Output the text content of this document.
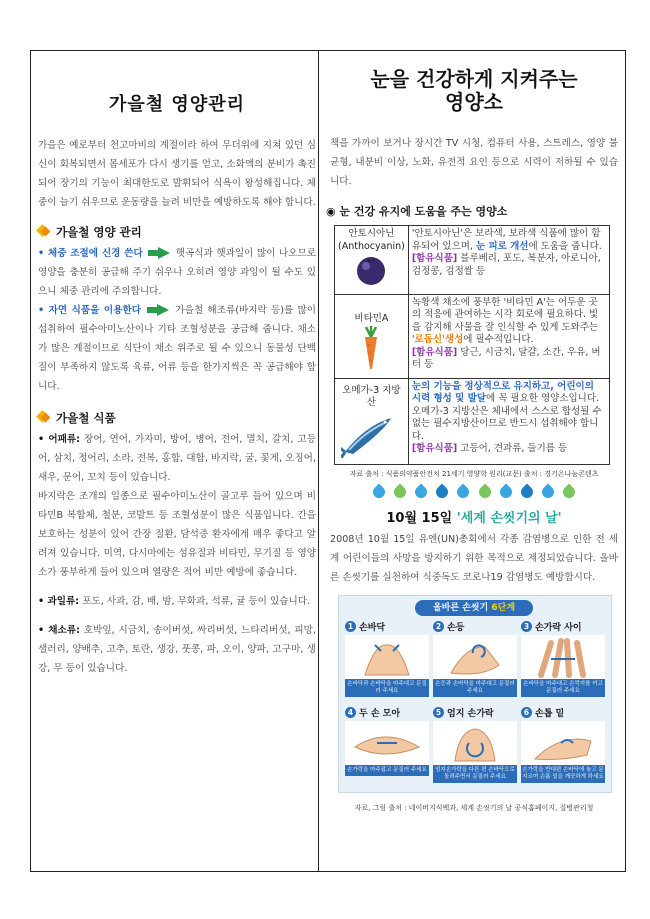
가을철 영양관리
가을은 예로부터 천고마비의 계절이라 하여 무더위에 지쳐 있던 심신이 회복되면서 몸세포가 다시 생기를 얻고, 소화액의 분비가 촉진되어 장기의 기능이 최대한도로 발휘되어 식욕이 왕성해집니다. 체중이 늘기 쉬우므로 운동량을 늘려 비만을 예방하도록 해야 합니다.
가을철 영양 관리
• 체중 조절에 신경 쓴다	햇곡식과 햇과일이 많이 나오므로 영양을 충분히 공급해 주기 쉬우나 오히려 영양 과잉이 될 수도 있으니 체중 관리에 주의합니다.
• 자연 식품을 이용한다	가을철 해조류(바지락 등)를 많이 섭취하여 필수아미노산이나 기타 조혈성분을 공급해 줍니다. 채소가 많은 계절이므로 식단이 채소 위주로 될 수 있으니 동물성 단백질이 부족하지 않도록 육류, 어류 등을 한가지씩은 꼭 공급해야 합니다.
가을철 식품
• 어패류: 장어, 연어, 가자미, 방어, 병어, 전어, 멸치, 갈치, 고등어, 삼치, 정어리, 소라, 전복, 홍합, 대합, 바지락, 굴, 꽃게, 오징어, 새우, 문어, 꼬치 등이 있습니다.
바지락은 조개의 일종으로 필수아미노산이 골고루 들어 있으며 비타민B 복합체, 철분, 코발트 등 조혈성분이 많은 식품입니다. 간을 보호하는 성분이 있어 간장 질환, 담석증 환자에게 매우 좋다고 알려져 있습니다. 미역, 다시마에는 섬유질과 비타민, 무기질 등 영양소가 풍부하게 들어 있으며 열량은 적어 비만 예방에 좋습니다.
• 과일류: 포도, 사과, 감, 배, 밤, 무화과, 석류, 귤 등이 있습니다.
• 채소류: 호박잎, 시금치, 송이버섯, 싸리버섯, 느타리버섯, 피망, 샐러리, 양배추, 고추, 토란, 생강, 풋콩, 파, 오이, 양파, 고구마, 생강, 무 등이 있습니다.
눈을 건강하게 지켜주는
영양소
책을 가까이 보거나 장시간 TV 시청, 컴퓨터 사용, 스트레스, 영양 불균형, 내분비 이상, 노화, 유전적 요인 등으로 시력이 저하될 수 있습니다.
◉ 눈 건강 유지에 도움을 주는 영양소
안토시아닌 (Anthocyanin)	'안토시아닌'은 보라색, 보라색 식품에 많이 함유되어 있으며, 눈 피로 개선에 도움을 줍니다.
[함유식품] 블루베리, 포도, 복분자, 아로니아, 검정콩, 검정쌀 등

비타민A	녹황색 채소에 풍부한 '비타민 A'는 어두운 곳의 적응에 관여하는 시각 회로에 필요하다. 빛을 감지해 사물을 잘 인식할 수 있게 도와주는 '로돕신'생성에 필수적입니다.
[함유식품] 당근, 시금치, 달걀, 소간, 우유, 버터 등

오메가-3 지방산	눈의 기능을 정상적으로 유지하고, 어린이의 시력 형성 및 발달에 꼭 필요한 영양소입니다. 오메가-3 지방산은 체내에서 스스로 합성될 수 없는 필수지방산이므로 반드시 섭취해야 합니다.
[함유식품] 고등어, 견과류, 들기름 등
자료 출처 : 식품의약품안전처 21세기 영양학 원리(교문) 출처 : 경기온나눔콘텐츠

10월 15일 '세계 손씻기의 날'
2008년 10월 15일 유엔(UN)총회에서 각종 감염병으로 인한 전 세계 어린이들의 사망을 방지하기 위한 목적으로 제정되었습니다. 올바른 손씻기를 실천하여 식중독도 코로나19 감염병도 예방합시다.
올바른 손씻기 6단계
1 손바닥
손바닥과 손바닥을 마주대고 문질러 주세요
2 손등
손등과 손바닥을 마주대고 문질러 주세요
3 손가락 사이
손바닥을 마주대고 손깍지를 끼고 문질러 주세요
4 두 손 모아
손가락을 마주잡고 문질러 주세요
5 엄지 손가락
엄지손가락을 다른 편 손바닥으로 돌려주면서 문질러 주세요
6 손톱 밑
손가락을 반대편 손바닥에 놓고 문지르며 손톱 밑을 깨끗하게 하세요
자료, 그림 출처 : 네이버지식백과, 세계 손씻기의 날 공식홈페이지, 질병관리청
